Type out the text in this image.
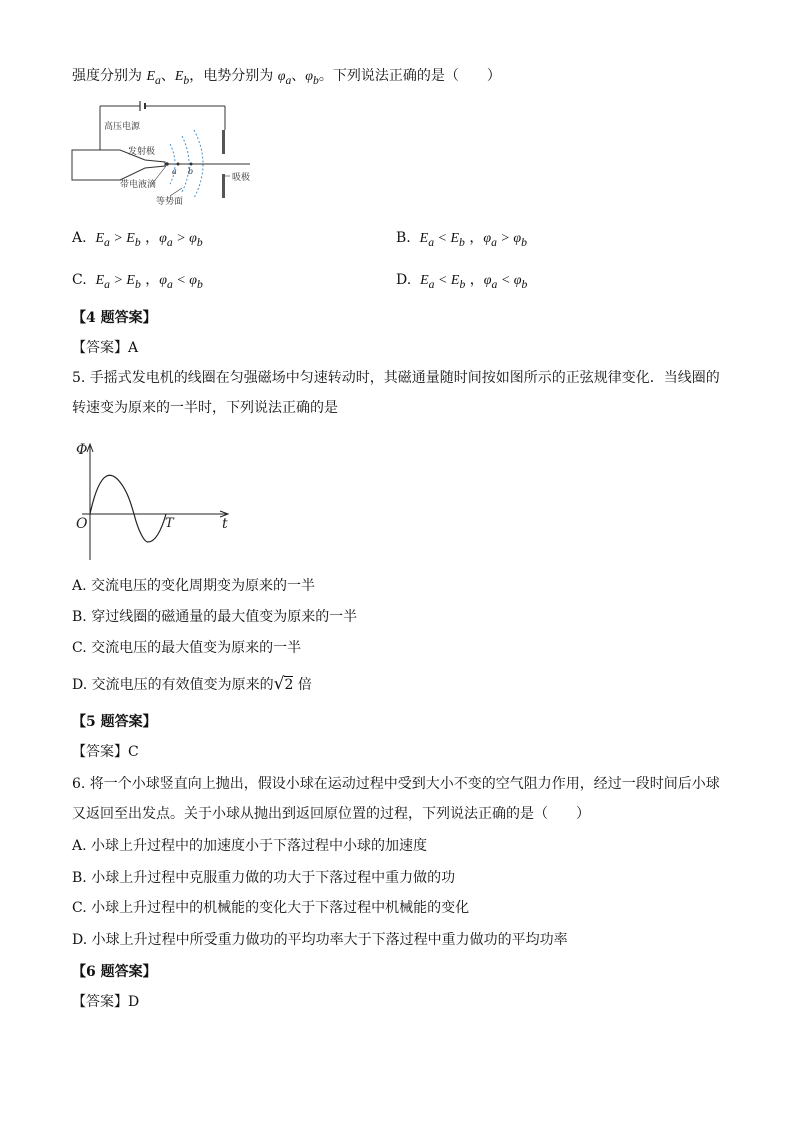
强度分别为 $E_a$、$E_b$，电势分别为 $\varphi_a$、$\varphi_b$。下列说法正确的是（　　）
高压电源
发射极
a b
带电液滴
吸极
等势面
A. $E_a > E_b$ ，$\varphi_a > \varphi_b$	B. $E_a < E_b$ ，$\varphi_a > \varphi_b$
C. $E_a > E_b$ ，$\varphi_a < \varphi_b$	D. $E_a < E_b$ ，$\varphi_a < \varphi_b$
【4 题答案】
【答案】A
5. 手摇式发电机的线圈在匀强磁场中匀速转动时，其磁通量随时间按如图所示的正弦规律变化．当线圈的
转速变为原来的一半时，下列说法正确的是
Φ
t
O	T
A. 交流电压的变化周期变为原来的一半
B. 穿过线圈的磁通量的最大值变为原来的一半
C. 交流电压的最大值变为原来的一半
D. 交流电压的有效值变为原来的√2 倍
【5 题答案】
【答案】C
6. 将一个小球竖直向上抛出，假设小球在运动过程中受到大小不变的空气阻力作用，经过一段时间后小球
又返回至出发点。关于小球从抛出到返回原位置的过程，下列说法正确的是（　　）
A. 小球上升过程中的加速度小于下落过程中小球的加速度
B. 小球上升过程中克服重力做的功大于下落过程中重力做的功
C. 小球上升过程中的机械能的变化大于下落过程中机械能的变化
D. 小球上升过程中所受重力做功的平均功率大于下落过程中重力做功的平均功率
【6 题答案】
【答案】D
